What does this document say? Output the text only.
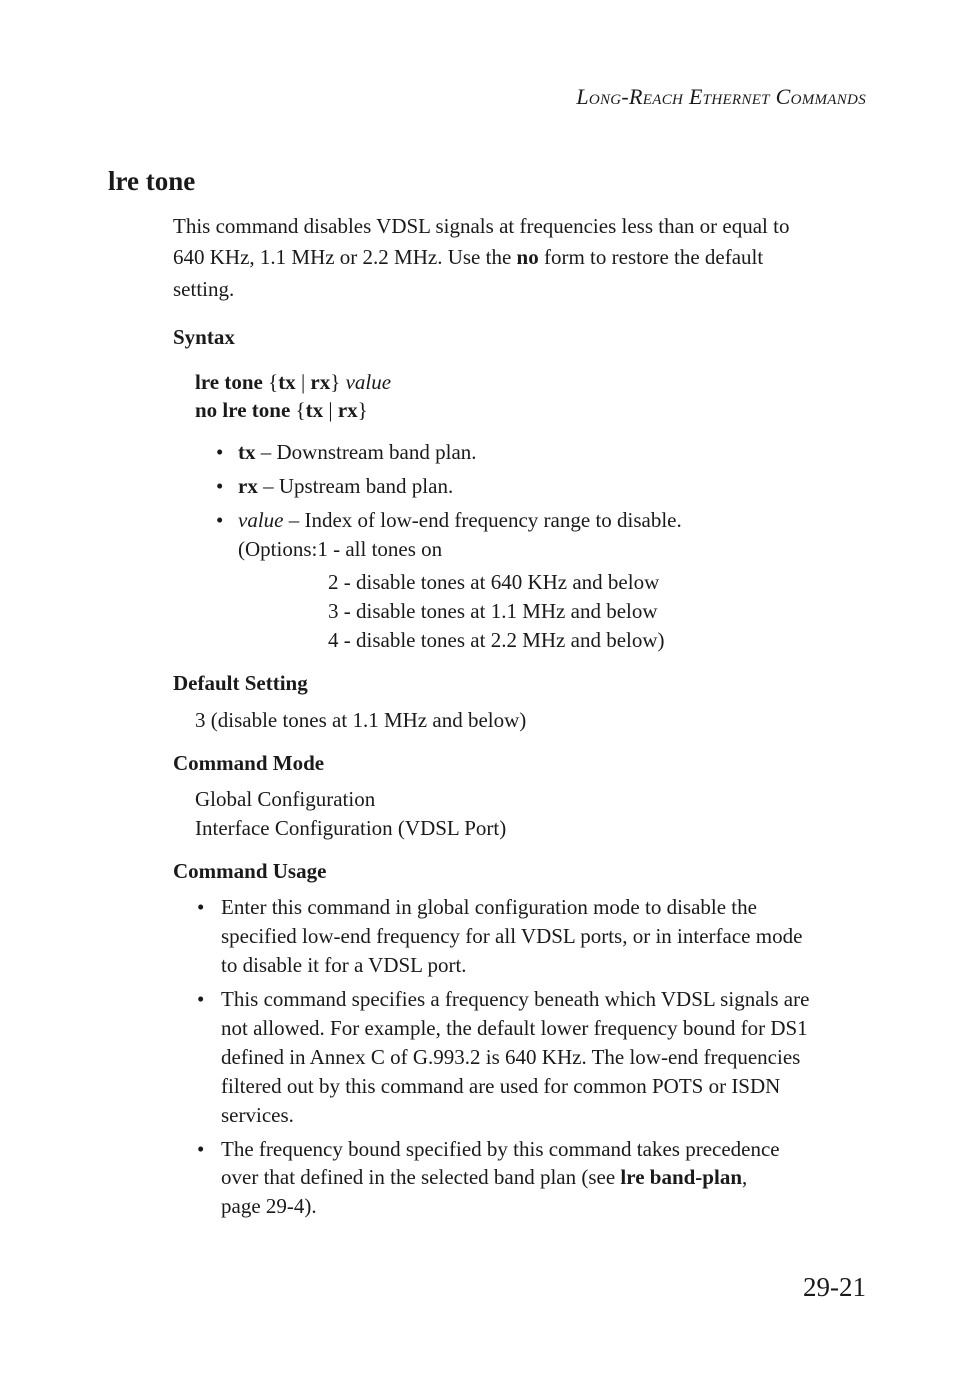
Long-Reach Ethernet Commands
lre tone
This command disables VDSL signals at frequencies less than or equal to
640 KHz, 1.1 MHz or 2.2 MHz. Use the no form to restore the default
setting.
Syntax
lre tone {tx | rx} value
no lre tone {tx | rx}
• tx – Downstream band plan.
• rx – Upstream band plan.
• value – Index of low-end frequency range to disable.
(Options:1 - all tones on
2 - disable tones at 640 KHz and below
3 - disable tones at 1.1 MHz and below
4 - disable tones at 2.2 MHz and below)
Default Setting
3 (disable tones at 1.1 MHz and below)
Command Mode
Global Configuration
Interface Configuration (VDSL Port)
Command Usage
• Enter this command in global configuration mode to disable the
specified low-end frequency for all VDSL ports, or in interface mode
to disable it for a VDSL port.
• This command specifies a frequency beneath which VDSL signals are
not allowed. For example, the default lower frequency bound for DS1
defined in Annex C of G.993.2 is 640 KHz. The low-end frequencies
filtered out by this command are used for common POTS or ISDN
services.
• The frequency bound specified by this command takes precedence
over that defined in the selected band plan (see lre band-plan,
page 29-4).
29-21
